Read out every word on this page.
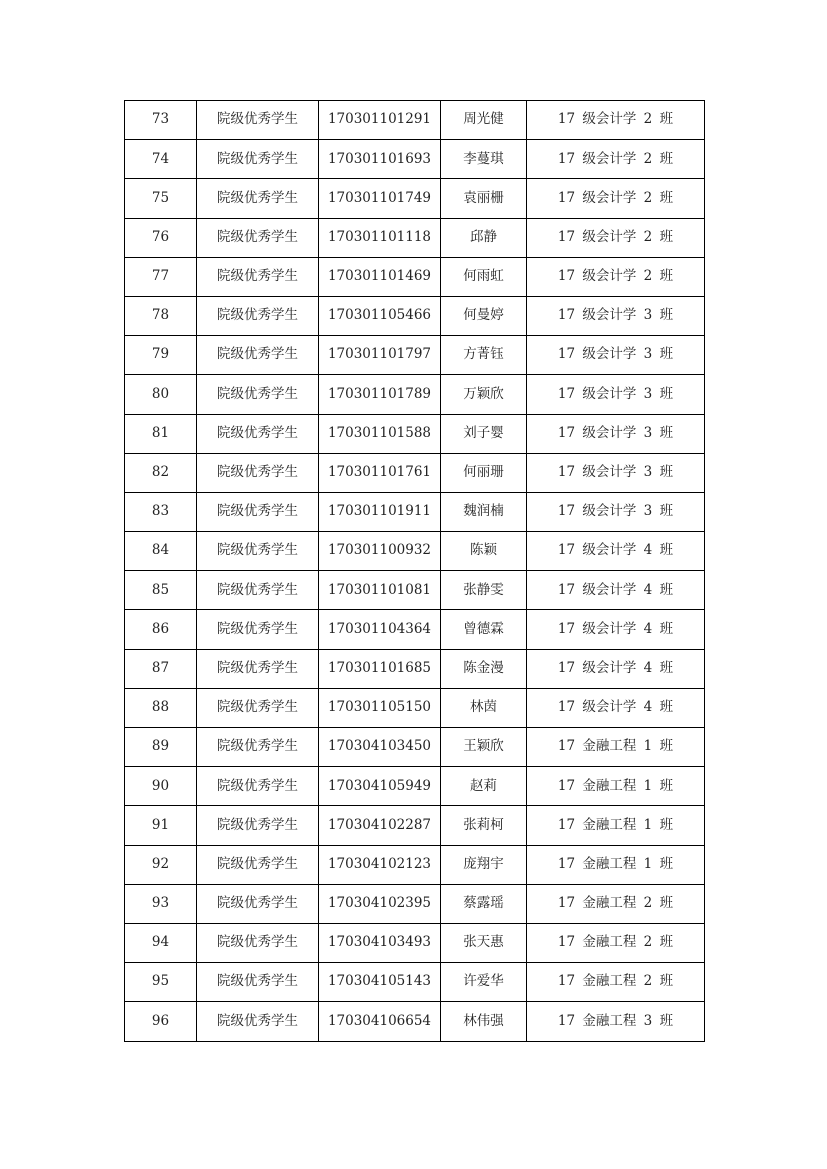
73	院级优秀学生	170301101291	周光健	17 级会计学 2 班
74	院级优秀学生	170301101693	李蔓琪	17 级会计学 2 班
75	院级优秀学生	170301101749	袁丽栅	17 级会计学 2 班
76	院级优秀学生	170301101118	邱静	17 级会计学 2 班
77	院级优秀学生	170301101469	何雨虹	17 级会计学 2 班
78	院级优秀学生	170301105466	何曼婷	17 级会计学 3 班
79	院级优秀学生	170301101797	方菁钰	17 级会计学 3 班
80	院级优秀学生	170301101789	万颖欣	17 级会计学 3 班
81	院级优秀学生	170301101588	刘子婴	17 级会计学 3 班
82	院级优秀学生	170301101761	何丽珊	17 级会计学 3 班
83	院级优秀学生	170301101911	魏润楠	17 级会计学 3 班
84	院级优秀学生	170301100932	陈颖	17 级会计学 4 班
85	院级优秀学生	170301101081	张静雯	17 级会计学 4 班
86	院级优秀学生	170301104364	曾德霖	17 级会计学 4 班
87	院级优秀学生	170301101685	陈金漫	17 级会计学 4 班
88	院级优秀学生	170301105150	林茵	17 级会计学 4 班
89	院级优秀学生	170304103450	王颖欣	17 金融工程 1 班
90	院级优秀学生	170304105949	赵莉	17 金融工程 1 班
91	院级优秀学生	170304102287	张莉柯	17 金融工程 1 班
92	院级优秀学生	170304102123	庞翔宇	17 金融工程 1 班
93	院级优秀学生	170304102395	蔡露瑶	17 金融工程 2 班
94	院级优秀学生	170304103493	张天惠	17 金融工程 2 班
95	院级优秀学生	170304105143	许爱华	17 金融工程 2 班
96	院级优秀学生	170304106654	林伟强	17 金融工程 3 班
